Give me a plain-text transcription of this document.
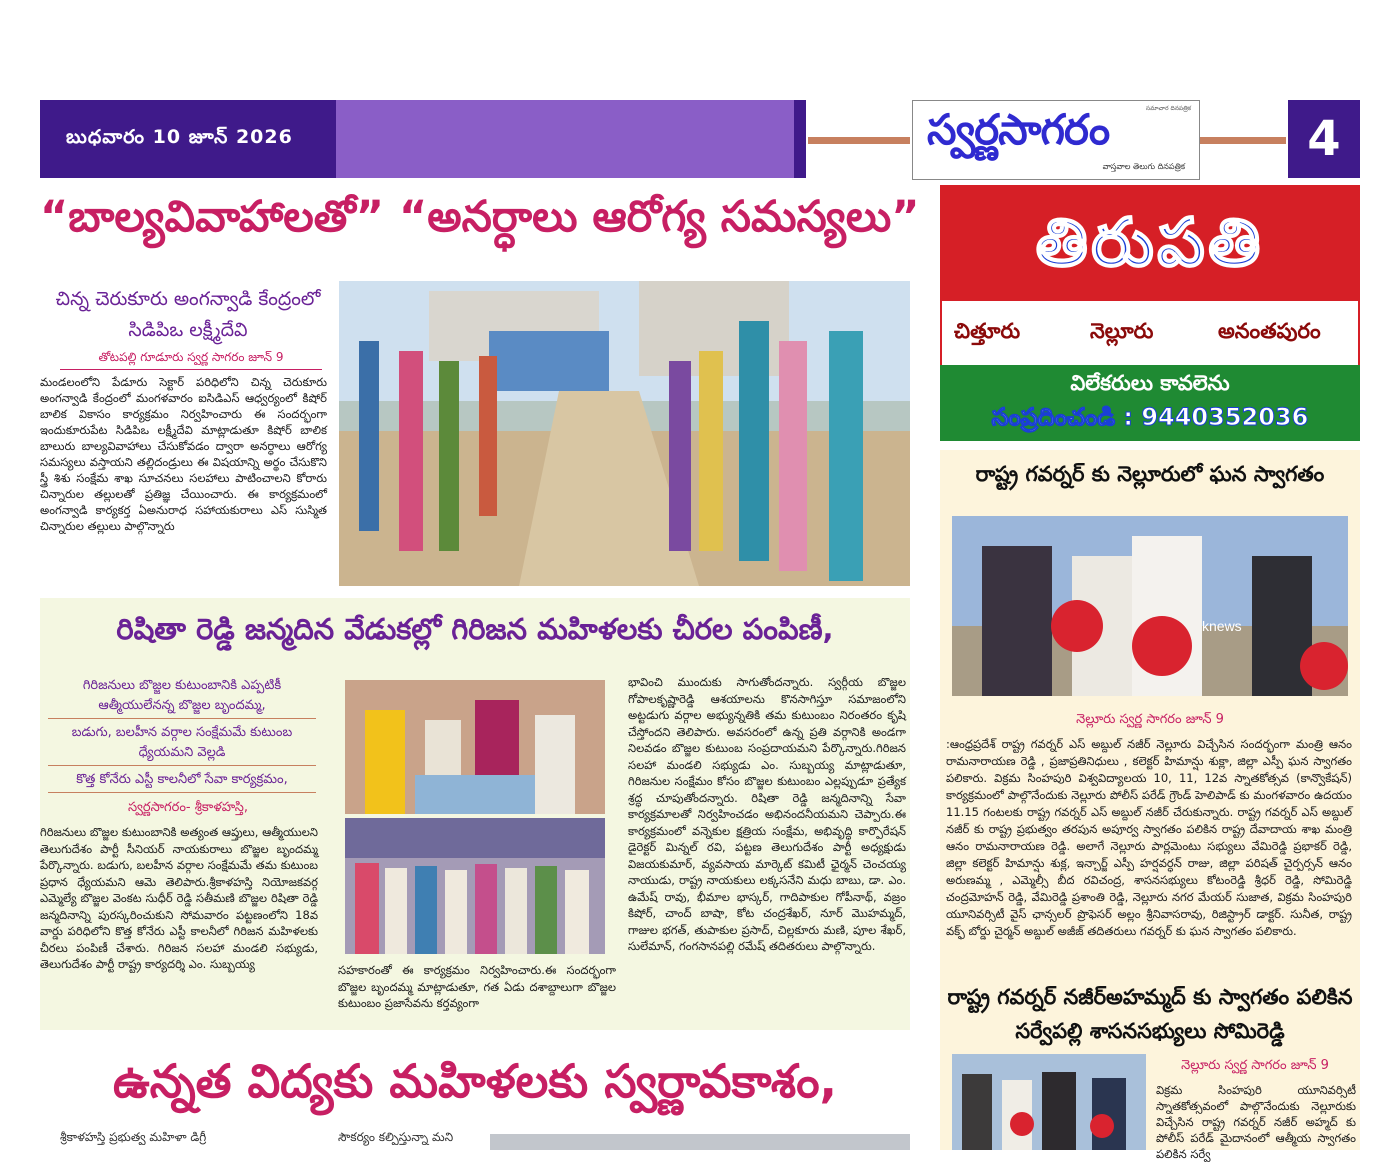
బుధవారం 10 జూన్ 2026
సమాచార దినపత్రిక
స్వర్ణసాగరం
వాస్తవాల తెలుగు దినపత్రిక	4
“బాల్యవివాహాలతో” “అనర్ధాలు ఆరోగ్య సమస్యలు”
చిన్న చెరుకూరు అంగన్వాడి కేంద్రంలో సిడిపిఒ లక్ష్మీదేవి
తోటపల్లి గూడూరు స్వర్ణ సాగరం జూన్ 9
మండలంలోని పేడూరు సెక్టార్ పరిధిలోని చిన్న చెరుకూరు అంగన్వాడి కేంద్రంలో మంగళవారం ఐసిడిఎస్ ఆధ్వర్యంలో కిషోర్ బాలిక వికాసం కార్యక్రమం నిర్వహించారు ఈ సందర్భంగా ఇందుకూరుపేట సిడిపిఒ లక్ష్మీదేవి మాట్లాడుతూ కిషోర్ బాలిక బాలురు బాల్యవివాహాలు చేసుకోవడం ద్వారా అనర్ధాలు ఆరోగ్య సమస్యలు వస్తాయని తల్లిదండ్రులు ఈ విషయాన్ని అర్థం చేసుకొని స్త్రీ శిశు సంక్షేమ శాఖ సూచనలు సలహాలు పాటించాలని కోరారు చిన్నారుల తల్లులతో ప్రతిజ్ఞ చేయించారు. ఈ కార్యక్రమంలో అంగన్వాడి కార్యకర్త ఏఅనురాధ సహాయకురాలు ఎస్ సుస్మిత చిన్నారుల తల్లులు పాల్గొన్నారు
రిషితా రెడ్డి జన్మదిన వేడుకల్లో గిరిజన మహిళలకు చీరల పంపిణీ,
గిరిజనులు బొజ్జల కుటుంబానికి ఎప్పటికీ ఆత్మీయులేనన్న బొజ్జల బృందమ్మ,
బడుగు, బలహీన వర్గాల సంక్షేమమే కుటుంబ ధ్యేయమని వెల్లడి
కొత్త కోనేరు ఎస్టీ కాలనీలో సేవా కార్యక్రమం,
స్వర్ణసాగరం- శ్రీకాళహస్తి,
గిరిజనులు బొజ్జల కుటుంబానికి అత్యంత ఆప్తులు, ఆత్మీయులని తెలుగుదేశం పార్టీ సీనియర్ నాయకురాలు బొజ్జల బృందమ్మ పేర్కొన్నారు. బడుగు, బలహీన వర్గాల సంక్షేమమే తమ కుటుంబ ప్రధాన ధ్యేయమని ఆమె తెలిపారు.శ్రీకాళహస్తి నియోజకవర్గ ఎమ్మెల్యే బొజ్జల వెంకట సుధీర్ రెడ్డి సతీమణి బొజ్జల రిషితా రెడ్డి జన్మదినాన్ని పురస్కరించుకుని సోమవారం పట్టణంలోని 18వ వార్డు పరిధిలోని కొత్త కోనేరు ఎస్టీ కాలనీలో గిరిజన మహిళలకు చీరలు పంపిణీ చేశారు. గిరిజన సలహా మండలి సభ్యుడు, తెలుగుదేశం పార్టీ రాష్ట్ర కార్యదర్శి ఎం. సుబ్బయ్య	సహకారంతో ఈ కార్యక్రమం నిర్వహించారు.ఈ సందర్భంగా బొజ్జల బృందమ్మ మాట్లాడుతూ, గత ఏడు దశాబ్దాలుగా బొజ్జల కుటుంబం ప్రజాసేవను కర్తవ్యంగా
భావించి ముందుకు సాగుతోందన్నారు. స్వర్గీయ బొజ్జల గోపాలకృష్ణారెడ్డి ఆశయాలను కొనసాగిస్తూ సమాజంలోని అట్టడుగు వర్గాల అభ్యున్నతికి తమ కుటుంబం నిరంతరం కృషి చేస్తోందని తెలిపారు. అవసరంలో ఉన్న ప్రతి వర్గానికి అండగా నిలవడం బొజ్జల కుటుంబ సంప్రదాయమని పేర్కొన్నారు.గిరిజన సలహా మండలి సభ్యుడు ఎం. సుబ్బయ్య మాట్లాడుతూ, గిరిజనుల సంక్షేమం కోసం బొజ్జల కుటుంబం ఎల్లప్పుడూ ప్రత్యేక శ్రద్ధ చూపుతోందన్నారు. రిషితా రెడ్డి జన్మదినాన్ని సేవా కార్యక్రమాలతో నిర్వహించడం అభినందనీయమని చెప్పారు.ఈ కార్యక్రమంలో వన్నెకుల క్షత్రియ సంక్షేమ, అభివృద్ధి కార్పొరేషన్ డైరెక్టర్ మిన్నల్ రవి, పట్టణ తెలుగుదేశం పార్టీ అధ్యక్షుడు విజయకుమార్, వ్యవసాయ మార్కెట్ కమిటీ ఛైర్మన్ చెంచయ్య నాయుడు, రాష్ట్ర నాయకులు లక్కసనేని మధు బాబు, డా. ఎం. ఉమేష్ రావు, భీమాల భాస్కర్, గాదిపాకుల గోపీనాథ్, వజ్రం కిషోర్, చాంద్ బాషా, కోట చంద్రశేఖర్, నూర్ మొహమ్మద్, గాజుల భగత్, తుపాకుల ప్రసాద్, చిల్లకూరు మణి, పూల శేఖర్, సులేమాన్, గంగసానపల్లి రమేష్ తదితరులు పాల్గొన్నారు.
ఉన్నత విద్యకు మహిళలకు స్వర్ణావకాశం,
శ్రీకాళహస్తి ప్రభుత్వ మహిళా డిగ్రీ	సౌకర్యం కల్పిస్తున్నా మని
తిరుపతి
చిత్తూరు	నెల్లూరు	అనంతపురం
విలేకరులు కావలెను
సంప్రదించండి : 9440352036
రాష్ట్ర గవర్నర్ కు నెల్లూరులో ఘన స్వాగతం
knews
నెల్లూరు స్వర్ణ సాగరం జూన్ 9
:ఆంధ్రప్రదేశ్ రాష్ట్ర గవర్నర్ ఎస్ అబ్దుల్ నజీర్ నెల్లూరు విచ్చేసిన సందర్భంగా మంత్రి ఆనం రామనారాయణ రెడ్డి , ప్రజాప్రతినిధులు , కలెక్టర్ హిమాన్షు శుక్లా, జిల్లా ఎస్పీ ఘన స్వాగతం పలికారు. విక్రమ సింహపురి విశ్వవిద్యాలయ 10, 11, 12వ స్నాతకోత్సవ (కాన్వొకేషన్) కార్యక్రమంలో పాల్గొనేందుకు నెల్లూరు పోలీస్ పరేడ్ గ్రౌండ్ హెలిపాడ్ కు మంగళవారం ఉదయం 11.15 గంటలకు రాష్ట్ర గవర్నర్ ఎస్ అబ్దుల్ నజీర్ చేరుకున్నారు. రాష్ట్ర గవర్నర్ ఎస్ అబ్దుల్ నజీర్ కు రాష్ట్ర ప్రభుత్వం తరపున అపూర్వ స్వాగతం పలికిన రాష్ట్ర దేవాదాయ శాఖ మంత్రి ఆనం రామనారాయణ రెడ్డి. అలాగే నెల్లూరు పార్లమెంటు సభ్యులు వేమిరెడ్డి ప్రభాకర్ రెడ్డి, జిల్లా కలెక్టర్ హిమాన్షు శుక్ల, ఇన్చార్జ్ ఎస్పీ హర్షవర్ధన్ రాజు, జిల్లా పరిషత్ చైర్పర్సన్ ఆనం అరుణమ్మ , ఎమ్మెల్సీ బీద రవిచంద్ర, శాసనసభ్యులు కోటంరెడ్డి శ్రీధర్ రెడ్డి, సోమిరెడ్డి చంద్రమోహన్ రెడ్డి, వేమిరెడ్డి ప్రశాంతి రెడ్డి, నెల్లూరు నగర మేయర్ సుజాత, విక్రమ సింహపురి యూనివర్సిటీ వైస్ ఛాన్సలర్ ప్రొఫెసర్ అల్లం శ్రీనివాసరావు, రిజిస్ట్రార్ డాక్టర్. సునీత, రాష్ట్ర వక్ఫ్ బోర్డు చైర్మన్ అబ్దుల్ అజీజ్ తదితరులు గవర్నర్ కు ఘన స్వాగతం పలికారు.
రాష్ట్ర గవర్నర్ నజీర్అహమ్మద్ కు స్వాగతం పలికిన సర్వేపల్లి శాసనసభ్యులు సోమిరెడ్డి
నెల్లూరు స్వర్ణ సాగరం జూన్ 9
విక్రమ సింహపురి యూనివర్సిటీ స్నాతకోత్సవంలో పాల్గొనేందుకు నెల్లూరుకు విచ్చేసిన రాష్ట్ర గవర్నర్ నజీర్ అహ్మద్ కు పోలీస్ పరేడ్ మైదానంలో ఆత్మీయ స్వాగతం పలికిన సర్వే
